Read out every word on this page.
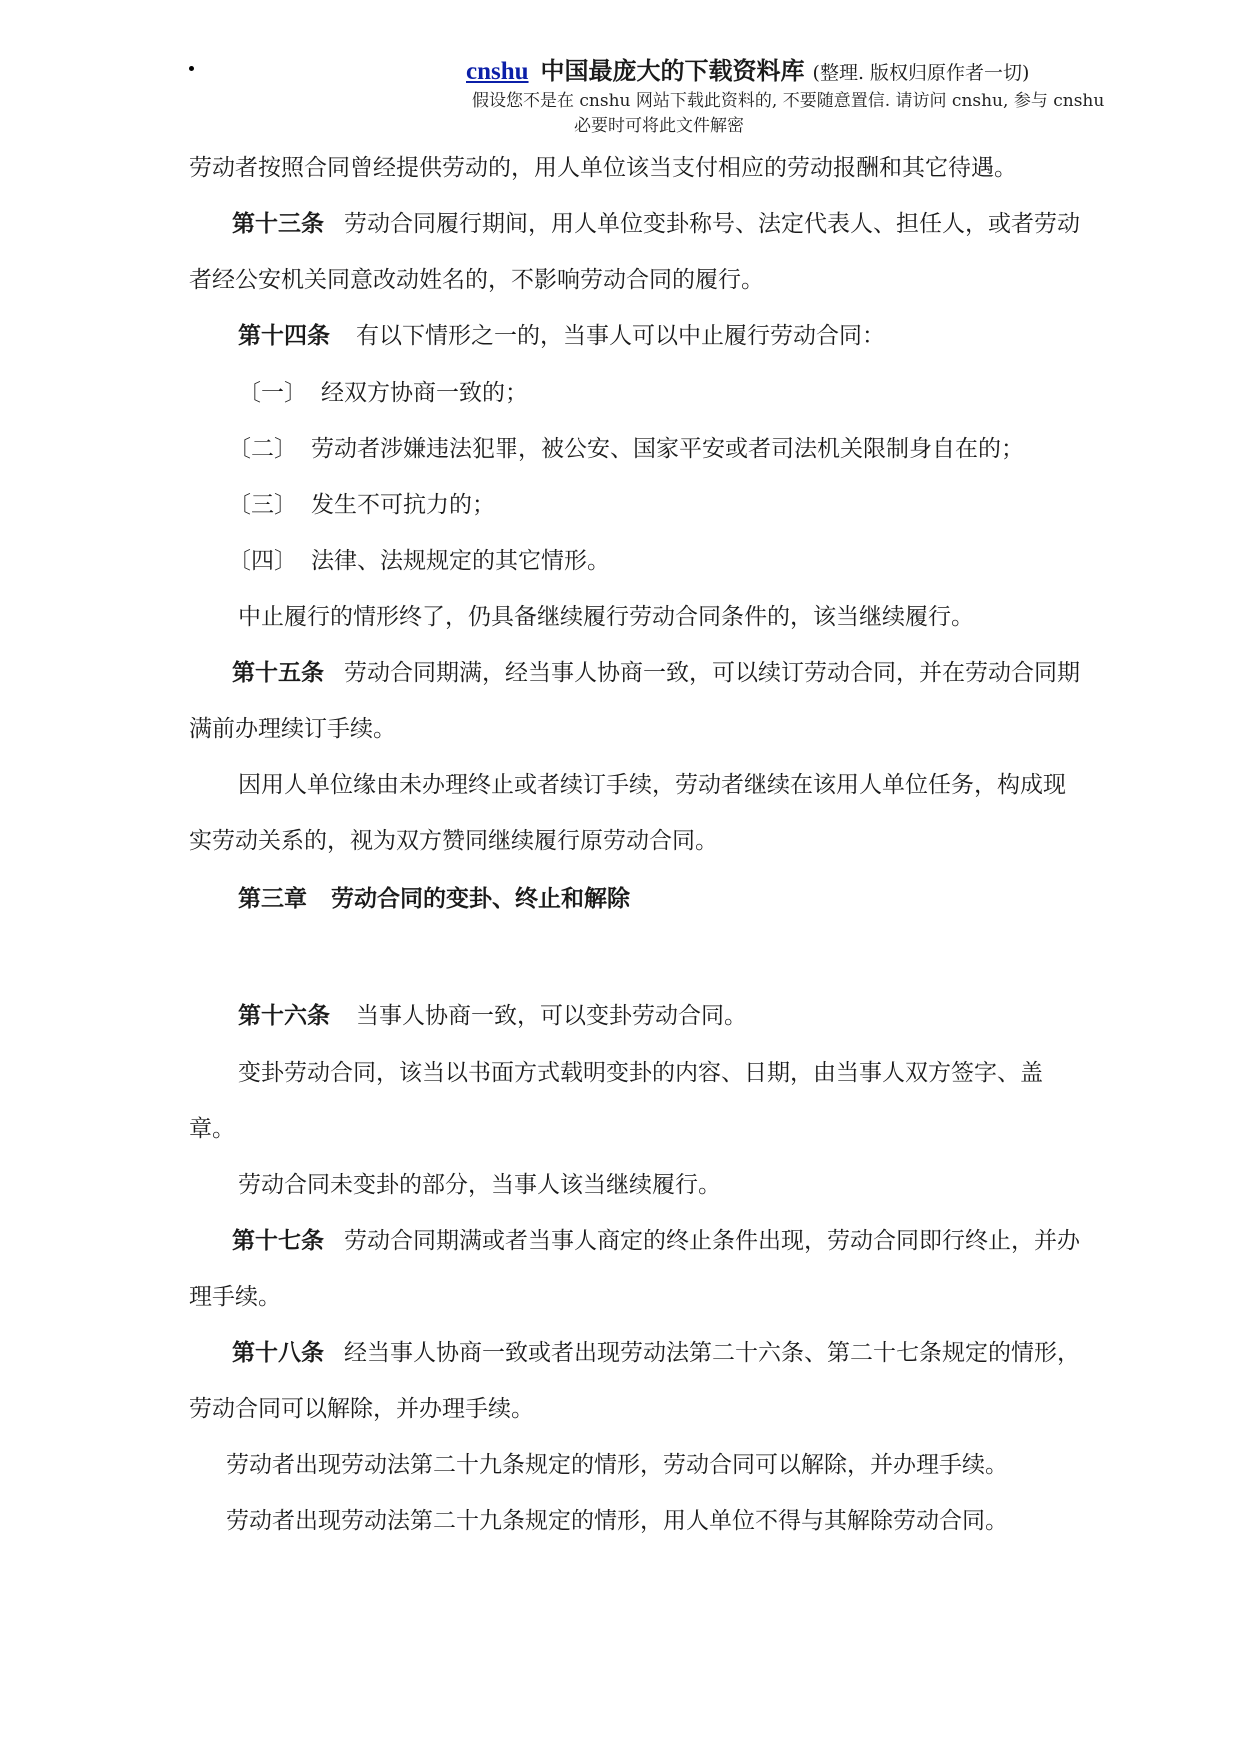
cnshu 中国最庞大的下载资料库 (整理. 版权归原作者一切)
假设您不是在 cnshu 网站下载此资料的, 不要随意置信. 请访问 cnshu, 参与 cnshu
必要时可将此文件解密
劳动者按照合同曾经提供劳动的，用人单位该当支付相应的劳动报酬和其它待遇。
第十三条 劳动合同履行期间，用人单位变卦称号、法定代表人、担任人，或者劳动
者经公安机关同意改动姓名的，不影响劳动合同的履行。
第十四条 有以下情形之一的，当事人可以中止履行劳动合同：
〔一〕 经双方协商一致的；
〔二〕 劳动者涉嫌违法犯罪，被公安、国家平安或者司法机关限制身自在的；
〔三〕 发生不可抗力的；
〔四〕 法律、法规规定的其它情形。
中止履行的情形终了，仍具备继续履行劳动合同条件的，该当继续履行。
第十五条 劳动合同期满，经当事人协商一致，可以续订劳动合同，并在劳动合同期
满前办理续订手续。
因用人单位缘由未办理终止或者续订手续，劳动者继续在该用人单位任务，构成现
实劳动关系的，视为双方赞同继续履行原劳动合同。
第三章 劳动合同的变卦、终止和解除
第十六条 当事人协商一致，可以变卦劳动合同。
变卦劳动合同，该当以书面方式载明变卦的内容、日期，由当事人双方签字、盖
章。
劳动合同未变卦的部分，当事人该当继续履行。
第十七条 劳动合同期满或者当事人商定的终止条件出现，劳动合同即行终止，并办
理手续。
第十八条 经当事人协商一致或者出现劳动法第二十六条、第二十七条规定的情形，
劳动合同可以解除，并办理手续。
劳动者出现劳动法第二十九条规定的情形，劳动合同可以解除，并办理手续。
劳动者出现劳动法第二十九条规定的情形，用人单位不得与其解除劳动合同。
